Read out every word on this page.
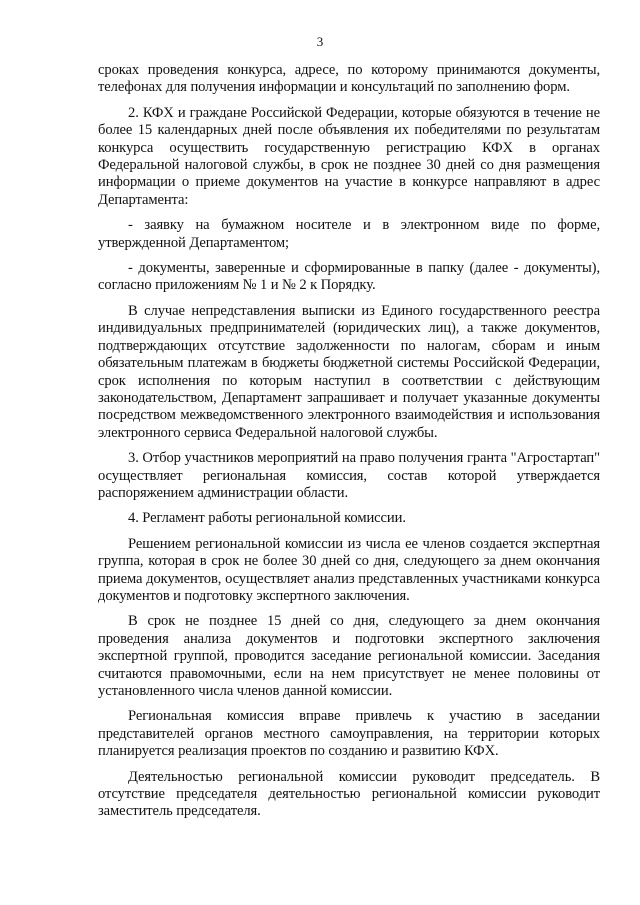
3

сроках проведения конкурса, адресе, по которому принимаются документы, телефонах для получения информации и консультаций по заполнению форм.

2. КФХ и граждане Российской Федерации, которые обязуются в течение не более 15 календарных дней после объявления их победителями по результатам конкурса осуществить государственную регистрацию КФХ в органах Федеральной налоговой службы, в срок не позднее 30 дней со дня размещения информации о приеме документов на участие в конкурсе направляют в адрес Департамента:

- заявку на бумажном носителе и в электронном виде по форме, утвержденной Департаментом;

- документы, заверенные и сформированные в папку (далее - документы), согласно приложениям № 1 и № 2 к Порядку.

В случае непредставления выписки из Единого государственного реестра индивидуальных предпринимателей (юридических лиц), а также документов, подтверждающих отсутствие задолженности по налогам, сборам и иным обязательным платежам в бюджеты бюджетной системы Российской Федерации, срок исполнения по которым наступил в соответствии с действующим законодательством, Департамент запрашивает и получает указанные документы посредством межведомственного электронного взаимодействия и использования электронного сервиса Федеральной налоговой службы.

3. Отбор участников мероприятий на право получения гранта "Агростартап" осуществляет региональная комиссия, состав которой утверждается распоряжением администрации области.

4. Регламент работы региональной комиссии.

Решением региональной комиссии из числа ее членов создается экспертная группа, которая в срок не более 30 дней со дня, следующего за днем окончания приема документов, осуществляет анализ представленных участниками конкурса документов и подготовку экспертного заключения.

В срок не позднее 15 дней со дня, следующего за днем окончания проведения анализа документов и подготовки экспертного заключения экспертной группой, проводится заседание региональной комиссии. Заседания считаются правомочными, если на нем присутствует не менее половины от установленного числа членов данной комиссии.

Региональная комиссия вправе привлечь к участию в заседании представителей органов местного самоуправления, на территории которых планируется реализация проектов по созданию и развитию КФХ.

Деятельностью региональной комиссии руководит председатель. В отсутствие председателя деятельностью региональной комиссии руководит заместитель председателя.
